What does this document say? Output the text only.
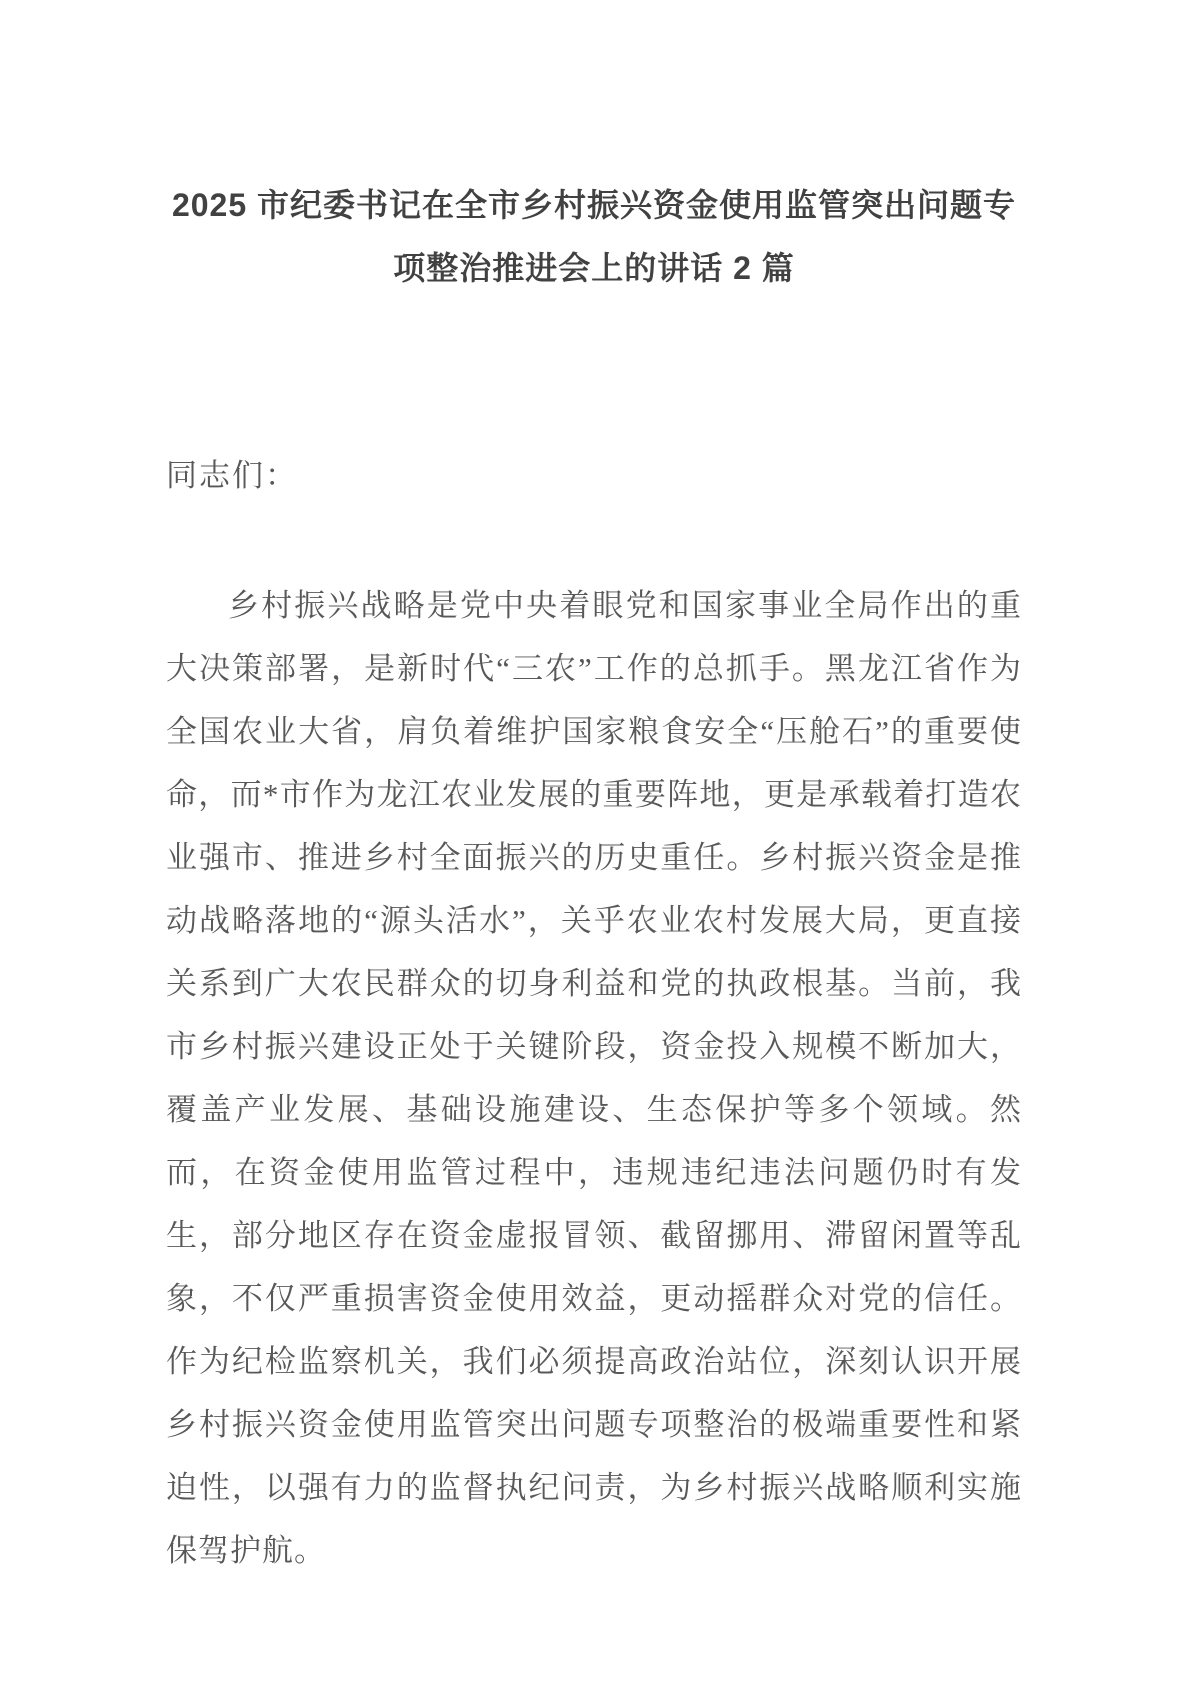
2025 市纪委书记在全市乡村振兴资金使用监管突出问题专
项整治推进会上的讲话 2 篇
同志们：

乡村振兴战略是党中央着眼党和国家事业全局作出的重大决策部署，是新时代“三农”工作的总抓手。黑龙江省作为全国农业大省，肩负着维护国家粮食安全“压舱石”的重要使命，而*市作为龙江农业发展的重要阵地，更是承载着打造农业强市、推进乡村全面振兴的历史重任。乡村振兴资金是推动战略落地的“源头活水”，关乎农业农村发展大局，更直接关系到广大农民群众的切身利益和党的执政根基。当前，我市乡村振兴建设正处于关键阶段，资金投入规模不断加大，覆盖产业发展、基础设施建设、生态保护等多个领域。然而，在资金使用监管过程中，违规违纪违法问题仍时有发生，部分地区存在资金虚报冒领、截留挪用、滞留闲置等乱象，不仅严重损害资金使用效益，更动摇群众对党的信任。作为纪检监察机关，我们必须提高政治站位，深刻认识开展乡村振兴资金使用监管突出问题专项整治的极端重要性和紧迫性，以强有力的监督执纪问责，为乡村振兴战略顺利实施保驾护航。
